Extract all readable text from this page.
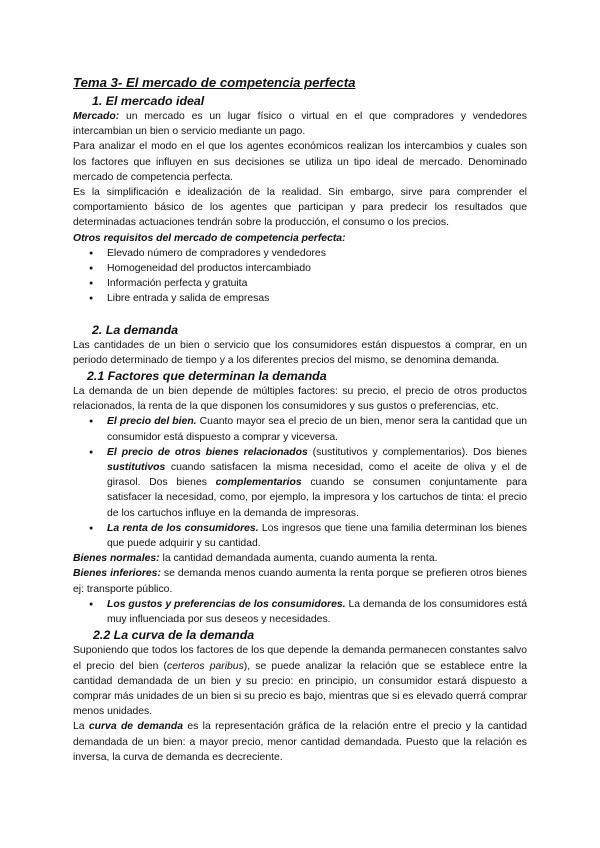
Tema 3- El mercado de competencia perfecta
1. El mercado ideal

Mercado: un mercado es un lugar físico o virtual en el que compradores y vendedores intercambian un bien o servicio mediante un pago.

Para analizar el modo en el que los agentes económicos realizan los intercambios y cuales son los factores que influyen en sus decisiones se utiliza un tipo ideal de mercado. Denominado mercado de competencia perfecta.

Es la simplificación e idealización de la realidad. Sin embargo, sirve para comprender el comportamiento básico de los agentes que participan y para predecir los resultados que determinadas actuaciones tendrán sobre la producción, el consumo o los precios.

Otros requisitos del mercado de competencia perfecta:
● Elevado número de compradores y vendedores
● Homogeneidad del productos intercambiado
● Información perfecta y gratuita
● Libre entrada y salida de empresas
2. La demanda

Las cantidades de un bien o servicio que los consumidores están dispuestos a comprar, en un periodo determinado de tiempo y a los diferentes precios del mismo, se denomina demanda.

2.1 Factores que determinan la demanda

La demanda de un bien depende de múltiples factores: su precio, el precio de otros productos relacionados, la renta de la que disponen los consumidores y sus gustos o preferencias, etc.

● El precio del bien. Cuanto mayor sea el precio de un bien, menor sera la cantidad que un consumidor está dispuesto a comprar y viceversa.
● El precio de otros bienes relacionados (sustitutivos y complementarios). Dos bienes sustitutivos cuando satisfacen la misma necesidad, como el aceite de oliva y el de girasol. Dos bienes complementarios cuando se consumen conjuntamente para satisfacer la necesidad, como, por ejemplo, la impresora y los cartuchos de tinta: el precio de los cartuchos influye en la demanda de impresoras.
● La renta de los consumidores. Los ingresos que tiene una familia determinan los bienes que puede adquirir y su cantidad.

Bienes normales: la cantidad demandada aumenta, cuando aumenta la renta.

Bienes inferiores: se demanda menos cuando aumenta la renta porque se prefieren otros bienes ej: transporte público.

● Los gustos y preferencias de los consumidores. La demanda de los consumidores está muy influenciada por sus deseos y necesidades.
2.2 La curva de la demanda

Suponiendo que todos los factores de los que depende la demanda permanecen constantes salvo el precio del bien (certeros paribus), se puede analizar la relación que se establece entre la cantidad demandada de un bien y su precio: en principio, un consumidor estará dispuesto a comprar más unidades de un bien si su precio es bajo, mientras que si es elevado querrá comprar menos unidades.

La curva de demanda es la representación gráfica de la relación entre el precio y la cantidad demandada de un bien: a mayor precio, menor cantidad demandada. Puesto que la relación es inversa, la curva de demanda es decreciente.
